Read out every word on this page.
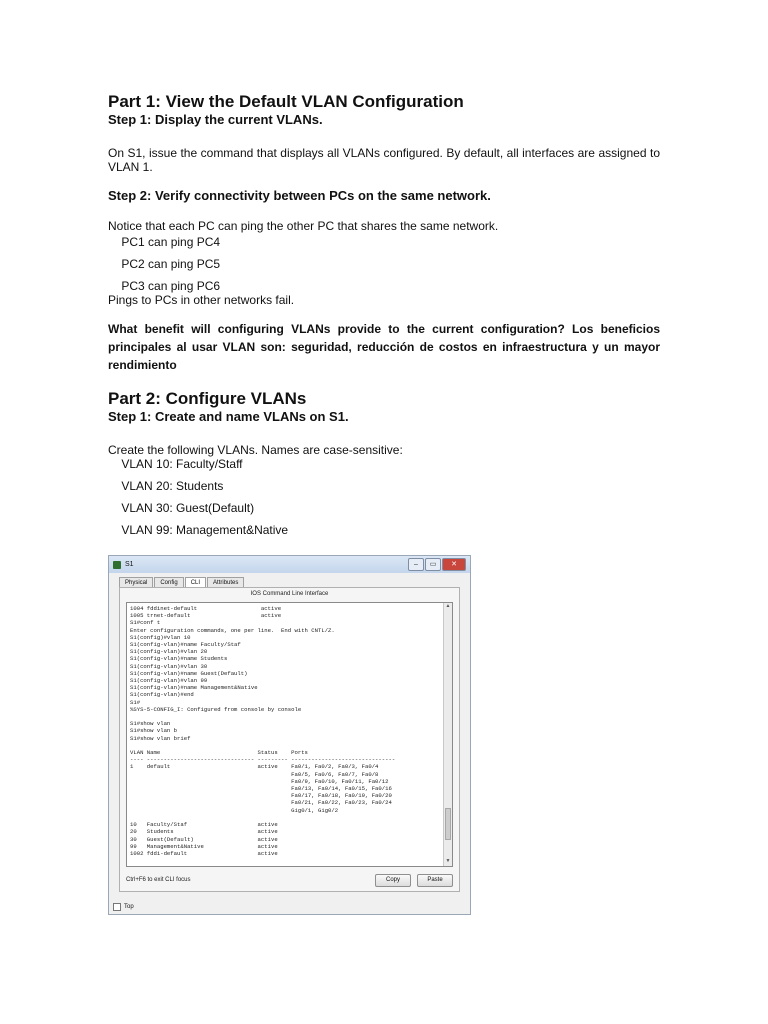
Part 1: View the Default VLAN Configuration

Step 1: Display the current VLANs.

On S1, issue the command that displays all VLANs configured. By default, all interfaces are assigned to VLAN 1.

Step 2: Verify connectivity between PCs on the same network.

Notice that each PC can ping the other PC that shares the same network.

PC1 can ping PC4

PC2 can ping PC5

PC3 can ping PC6

Pings to PCs in other networks fail.

What benefit will configuring VLANs provide to the current configuration? Los beneficios principales al usar VLAN son: seguridad, reducción de costos en infraestructura y un mayor rendimiento

Part 2: Configure VLANs

Step 1: Create and name VLANs on S1.

Create the following VLANs. Names are case-sensitive:

VLAN 10: Faculty/Staff

VLAN 20: Students

VLAN 30: Guest(Default)

VLAN 99: Management&Native

S1	–	▭	✕
Physical	Config	CLI	Attributes
IOS Command Line Interface
1004 fddinet-default                   active
1005 trnet-default                     active
S1#conf t
Enter configuration commands, one per line.  End with CNTL/Z.
S1(config)#vlan 10
S1(config-vlan)#name Faculty/Staf
S1(config-vlan)#vlan 20
S1(config-vlan)#name Students
S1(config-vlan)#vlan 30
S1(config-vlan)#name Guest(Default)
S1(config-vlan)#vlan 99
S1(config-vlan)#name Management&Native
S1(config-vlan)#end
S1#
%SYS-5-CONFIG_I: Configured from console by console

S1#show vlan
S1#show vlan b
S1#show vlan brief

VLAN Name                             Status    Ports
---- -------------------------------- --------- -------------------------------
1    default                          active    Fa0/1, Fa0/2, Fa0/3, Fa0/4
Fa0/5, Fa0/6, Fa0/7, Fa0/8
Fa0/9, Fa0/10, Fa0/11, Fa0/12
Fa0/13, Fa0/14, Fa0/15, Fa0/16
Fa0/17, Fa0/18, Fa0/19, Fa0/20
Fa0/21, Fa0/22, Fa0/23, Fa0/24
Gig0/1, Gig0/2

10   Faculty/Staf                     active
20   Students                         active
30   Guest(Default)                   active
99   Management&Native                active
1002 fddi-default                     active
▲
▼
Ctrl+F6 to exit CLI focus	Copy	Paste
Top
